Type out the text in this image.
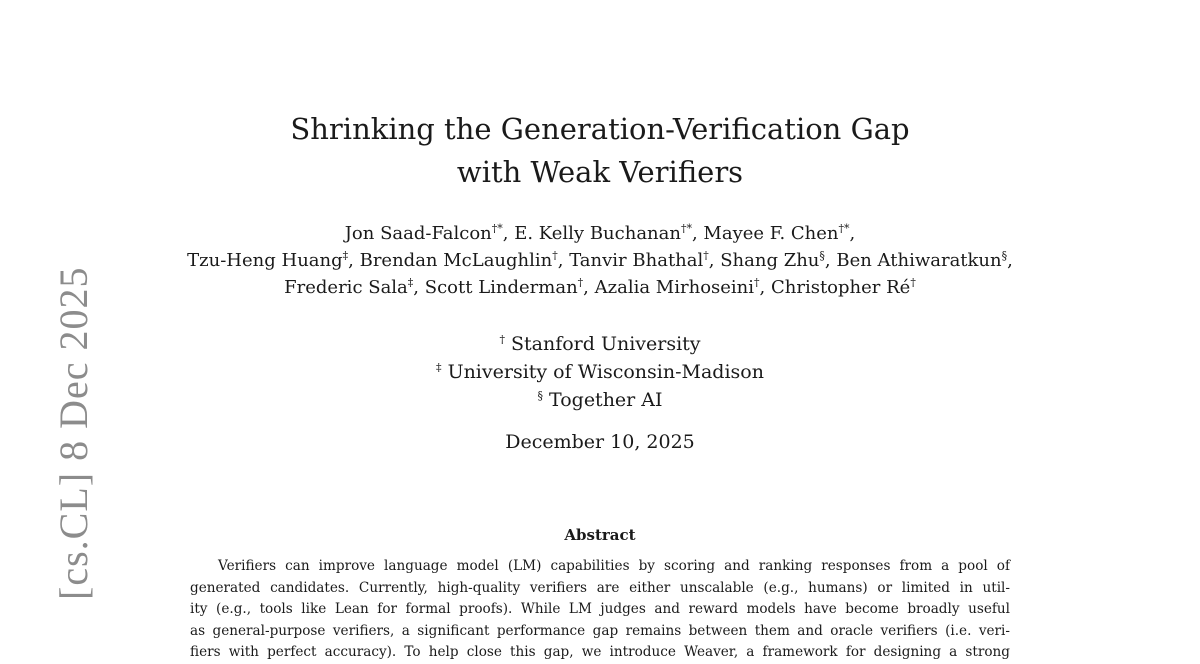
[cs.CL] 8 Dec 2025
Shrinking the Generation-Verification Gap
with Weak Verifiers
Jon Saad-Falcon†*, E. Kelly Buchanan†*, Mayee F. Chen†*,
Tzu-Heng Huang‡, Brendan McLaughlin†, Tanvir Bhathal†, Shang Zhu§, Ben Athiwaratkun§,
Frederic Sala‡, Scott Linderman†, Azalia Mirhoseini†, Christopher Ré†
† Stanford University
‡ University of Wisconsin-Madison
§ Together AI
December 10, 2025
Abstract
Verifiers can improve language model (LM) capabilities by scoring and ranking responses from a pool of
generated candidates. Currently, high-quality verifiers are either unscalable (e.g., humans) or limited in util-
ity (e.g., tools like Lean for formal proofs). While LM judges and reward models have become broadly useful
as general-purpose verifiers, a significant performance gap remains between them and oracle verifiers (i.e. veri-
fiers with perfect accuracy). To help close this gap, we introduce Weaver, a framework for designing a strong
